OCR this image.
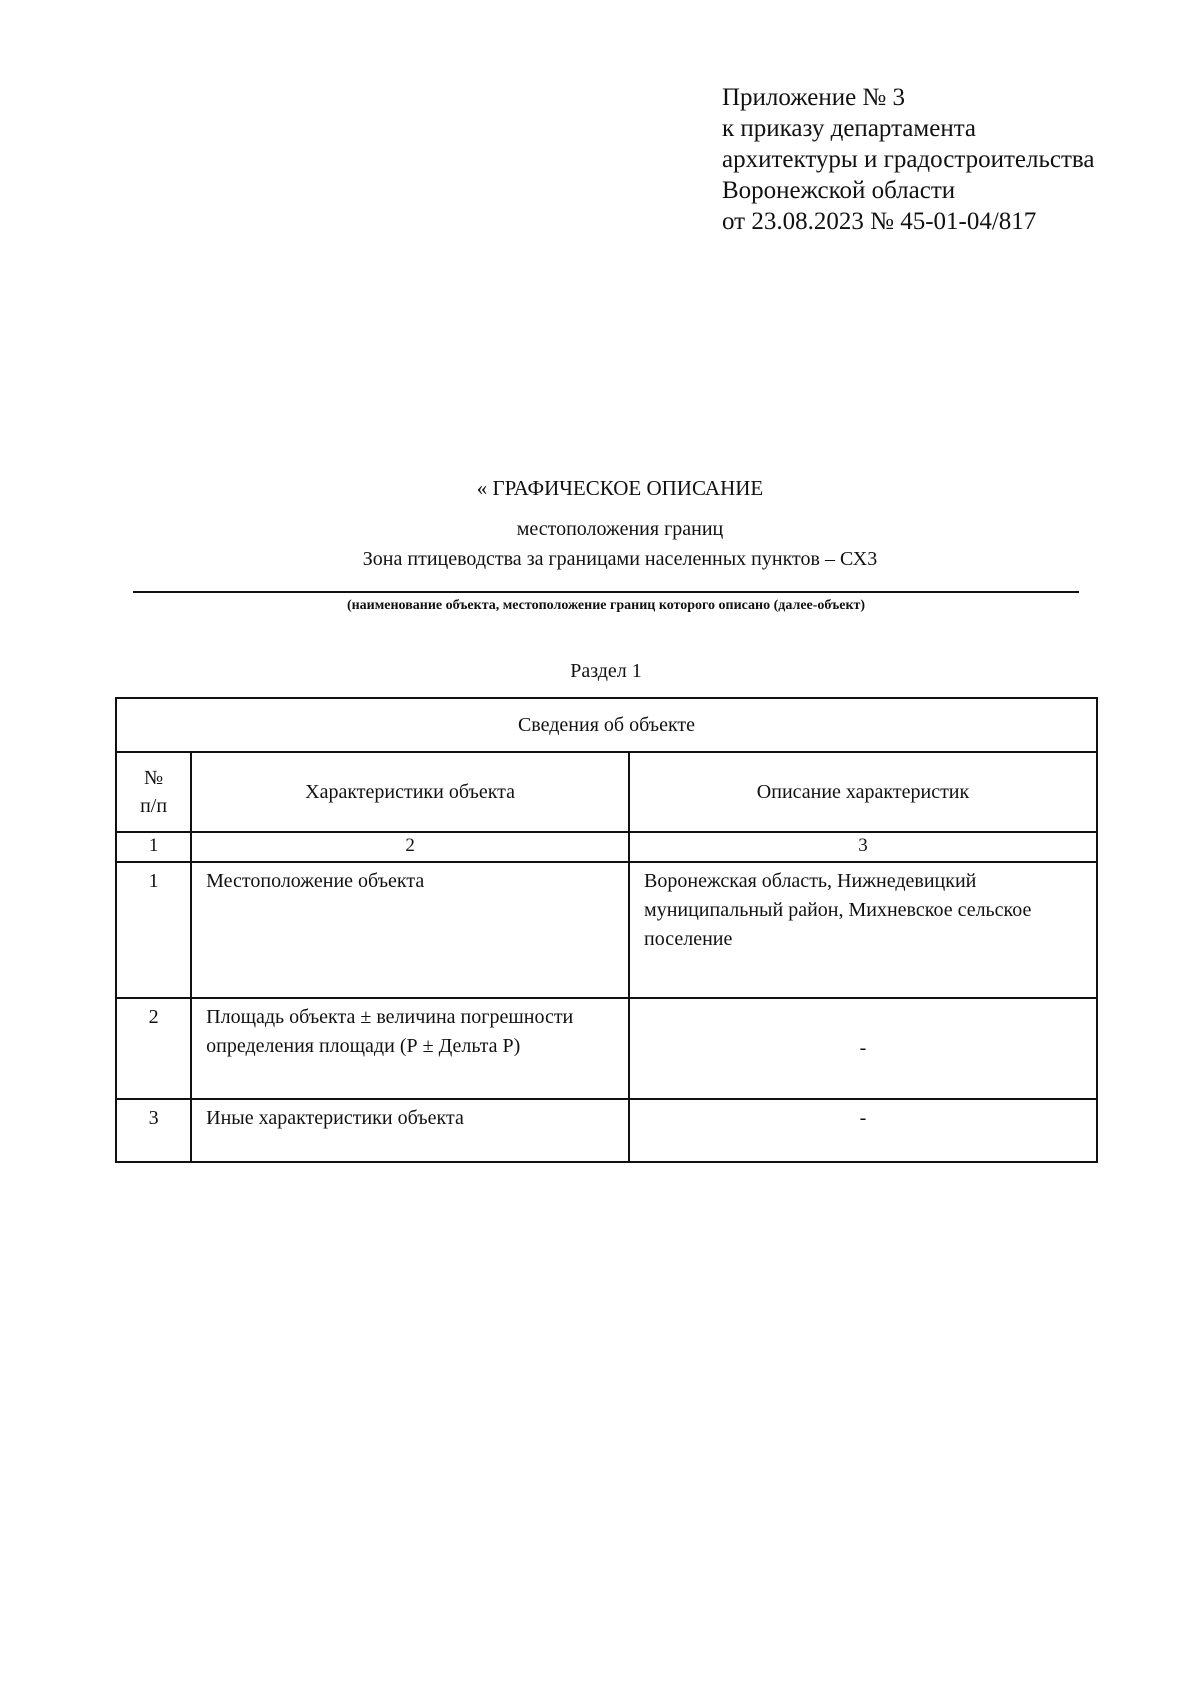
Приложение № 3
к приказу департамента
архитектуры и градостроительства
Воронежской области
от 23.08.2023 № 45-01-04/817
« ГРАФИЧЕСКОЕ ОПИСАНИЕ
местоположения границ
Зона птицеводства за границами населенных пунктов – СХ3
(наименование объекта, местоположение границ которого описано (далее-объект)
Раздел 1
Сведения об объекте		
№
п/п	Характеристики объекта	Описание характеристик
1	2	3
1	Местоположение объекта	Воронежская область, Нижнедевицкий муниципальный район, Михневское сельское поселение
2	Площадь объекта ± величина погрешности определения площади (Р ± Дельта Р)	-
3	Иные характеристики объекта	-
